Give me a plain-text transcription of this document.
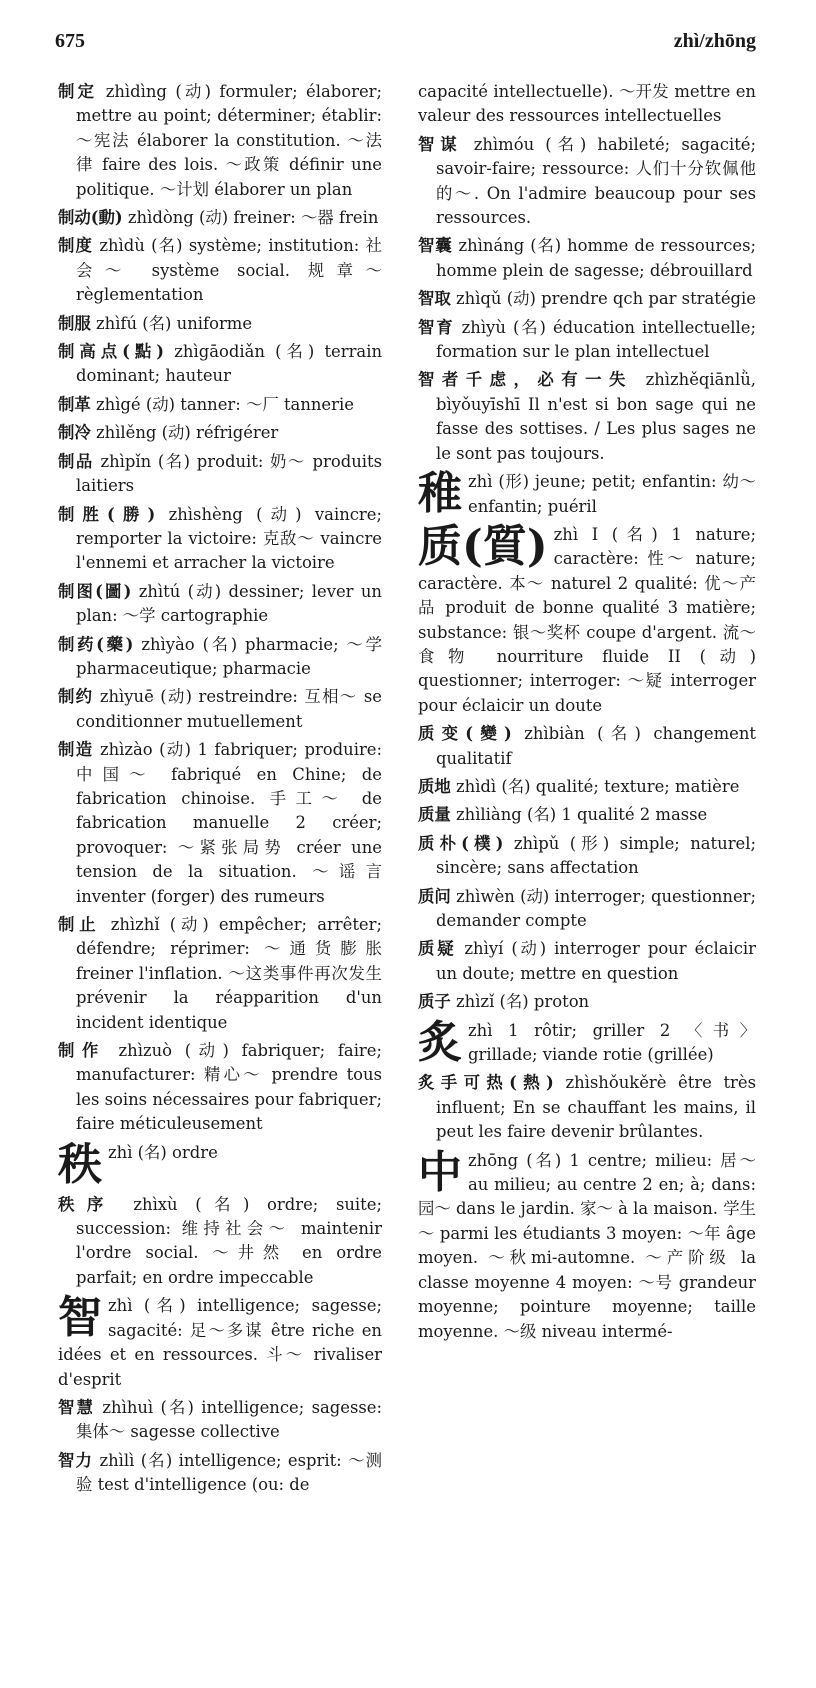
675	zhì/zhōng

制定 zhìdìng (动) formuler; élaborer; mettre au point; déterminer; établir: ～宪法 élaborer la constitution. ～法律 faire des lois. ～政策 définir une politique. ～计划 élaborer un plan

制动(動) zhìdòng (动) freiner: ～器 frein

制度 zhìdù (名) système; institution: 社会～ système social. 规章～ règlementation

制服 zhìfú (名) uniforme

制高点(點) zhìgāodiǎn (名) terrain dominant; hauteur

制革 zhìgé (动) tanner: ～厂 tannerie

制冷 zhìlěng (动) réfrigérer

制品 zhìpǐn (名) produit: 奶～ produits laitiers

制胜(勝) zhìshèng (动) vaincre; remporter la victoire: 克敌～ vaincre l'ennemi et arracher la victoire

制图(圖) zhìtú (动) dessiner; lever un plan: ～学 cartographie

制药(藥) zhìyào (名) pharmacie; ～学 pharmaceutique; pharmacie

制约 zhìyuē (动) restreindre: 互相～ se conditionner mutuellement

制造 zhìzào (动) 1 fabriquer; produire: 中国～ fabriqué en Chine; de fabrication chinoise. 手工～ de fabrication manuelle 2 créer; provoquer: ～紧张局势 créer une tension de la situation. ～谣言 inventer (forger) des rumeurs

制止 zhìzhǐ (动) empêcher; arrêter; défendre; réprimer: ～通货膨胀 freiner l'inflation. ～这类事件再次发生 prévenir la réapparition d'un incident identique

制作 zhìzuò (动) fabriquer; faire; manufacturer: 精心～ prendre tous les soins nécessaires pour fabriquer; faire méticuleusement

秩 zhì (名) ordre

秩序 zhìxù (名) ordre; suite; succession: 维持社会～ maintenir l'ordre social. ～井然 en ordre parfait; en ordre impeccable

智 zhì (名) intelligence; sagesse; sagacité: 足～多谋 être riche en idées et en ressources. 斗～ rivaliser d'esprit

智慧 zhìhuì (名) intelligence; sagesse: 集体～ sagesse collective

智力 zhìlì (名) intelligence; esprit: ～测验 test d'intelligence (ou: de

capacité intellectuelle). ～开发 mettre en valeur des ressources intellectuelles

智谋 zhìmóu (名) habileté; sagacité; savoir-faire; ressource: 人们十分钦佩他的～. On l'admire beaucoup pour ses ressources.

智囊 zhìnáng (名) homme de ressources; homme plein de sagesse; débrouillard

智取 zhìqǔ (动) prendre qch par stratégie

智育 zhìyù (名) éducation intellectuelle; formation sur le plan intellectuel

智者千虑，必有一失 zhìzhěqiānlǜ, bìyǒuyīshī Il n'est si bon sage qui ne fasse des sottises. / Les plus sages ne le sont pas toujours.

稚 zhì (形) jeune; petit; enfantin: 幼～ enfantin; puéril
质(質) zhì I (名) 1 nature; caractère: 性～ nature; caractère. 本～ naturel 2 qualité: 优～产品 produit de bonne qualité 3 matière; substance: 银～奖杯 coupe d'argent. 流～食物 nourriture fluide II (动) questionner; interroger: ～疑 interroger pour éclaicir un doute

质变(變) zhìbiàn (名) changement qualitatif

质地 zhìdì (名) qualité; texture; matière

质量 zhìliàng (名) 1 qualité 2 masse

质朴(樸) zhìpǔ (形) simple; naturel; sincère; sans affectation

质问 zhìwèn (动) interroger; questionner; demander compte

质疑 zhìyí (动) interroger pour éclaicir un doute; mettre en question

质子 zhìzǐ (名) proton

炙 zhì 1 rôtir; griller 2 〈书〉 grillade; viande rotie (grillée)

炙手可热(熱) zhìshǒukěrè être très influent; En se chauffant les mains, il peut les faire devenir brûlantes.

中 zhōng (名) 1 centre; milieu: 居～ au milieu; au centre 2 en; à; dans: 园～ dans le jardin. 家～ à la maison. 学生～ parmi les étudiants 3 moyen: ～年 âge moyen. ～秋mi-automne. ～产阶级 la classe moyenne 4 moyen: ～号 grandeur moyenne; pointure moyenne; taille moyenne. ～级 niveau intermé-
